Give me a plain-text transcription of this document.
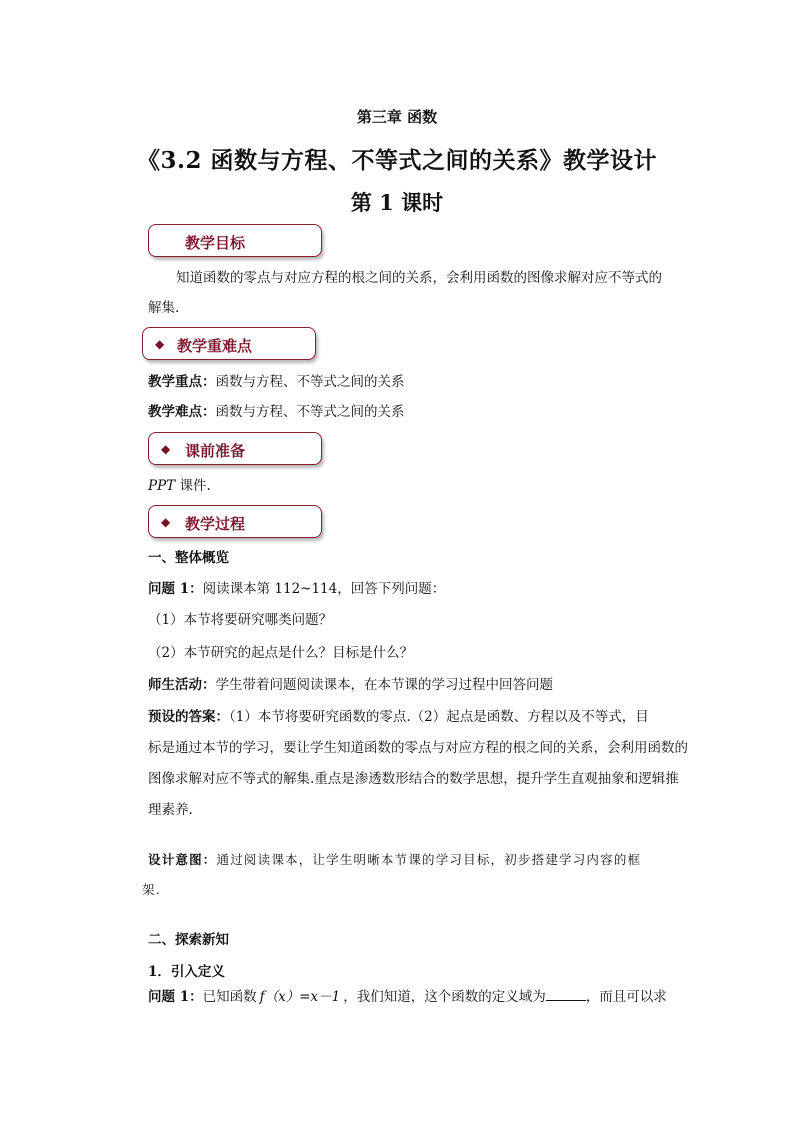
第三章 函数
《3.2 函数与方程、不等式之间的关系》教学设计
第 1 课时
教学目标
知道函数的零点与对应方程的根之间的关系，会利用函数的图像求解对应不等式的
解集.
◆ 教学重难点
教学重点：函数与方程、不等式之间的关系
教学难点：函数与方程、不等式之间的关系
◆ 课前准备
PPT 课件.
◆ 教学过程
一、整体概览
问题 1：阅读课本第 112~114，回答下列问题：
（1）本节将要研究哪类问题？
（2）本节研究的起点是什么？目标是什么？
师生活动：学生带着问题阅读课本，在本节课的学习过程中回答问题
预设的答案：（1）本节将要研究函数的零点.（2）起点是函数、方程以及不等式，目
标是通过本节的学习，要让学生知道函数的零点与对应方程的根之间的关系，会利用函数的
图像求解对应不等式的解集.重点是渗透数形结合的数学思想，提升学生直观抽象和逻辑推
理素养.
设计意图：通过阅读课本，让学生明晰本节课的学习目标，初步搭建学习内容的框
架.
二、探索新知
1．引入定义
问题 1：已知函数 f（x）=x－1 ，我们知道，这个函数的定义域为	，而且可以求
